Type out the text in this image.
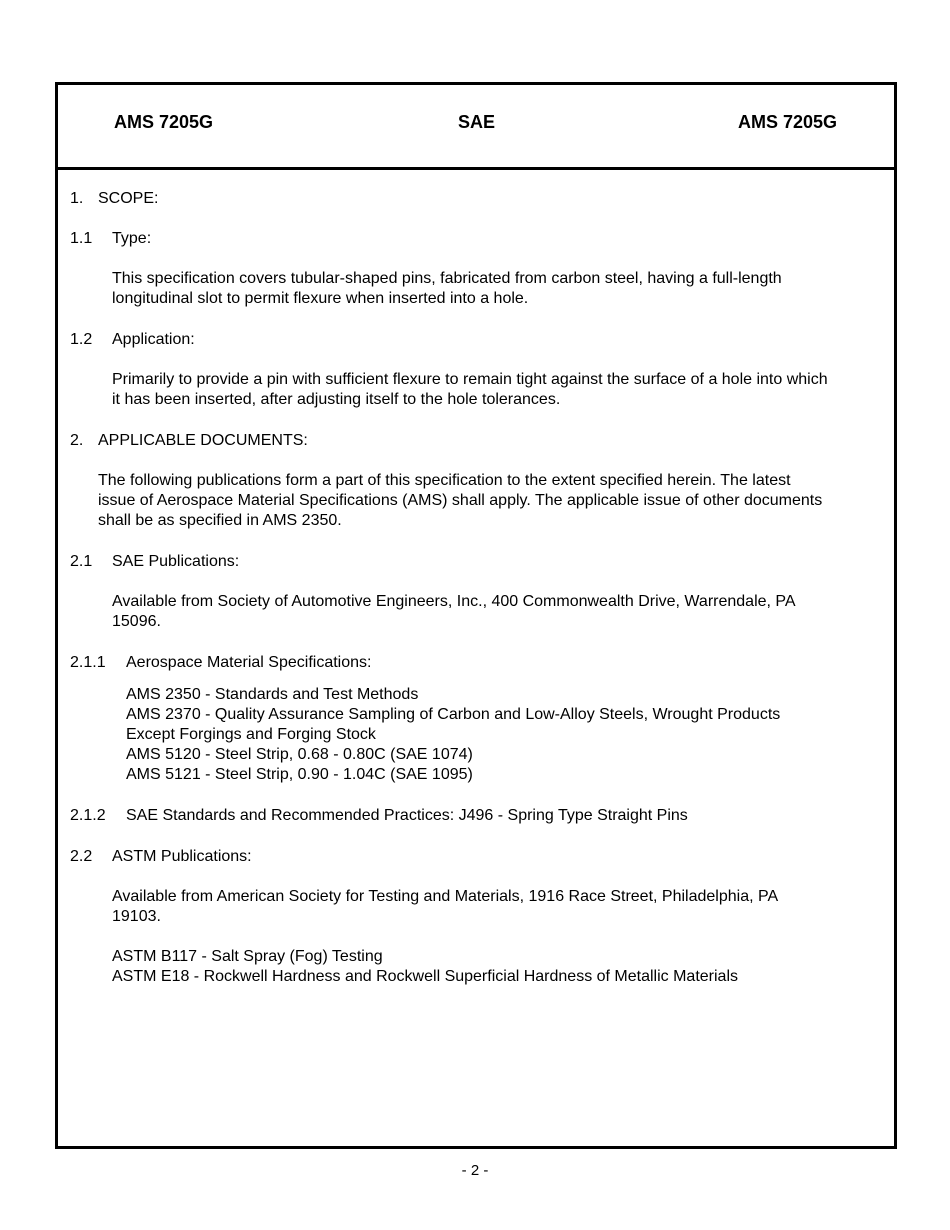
AMS 7205G	SAE	AMS 7205G
1. SCOPE:
1.1 Type:
This specification covers tubular-shaped pins, fabricated from carbon steel, having a full-length
longitudinal slot to permit flexure when inserted into a hole.
1.2 Application:
Primarily to provide a pin with sufficient flexure to remain tight against the surface of a hole into which
it has been inserted, after adjusting itself to the hole tolerances.
2. APPLICABLE DOCUMENTS:
The following publications form a part of this specification to the extent specified herein. The latest
issue of Aerospace Material Specifications (AMS) shall apply. The applicable issue of other documents
shall be as specified in AMS 2350.
2.1 SAE Publications:
Available from Society of Automotive Engineers, Inc., 400 Commonwealth Drive, Warrendale, PA
15096.
2.1.1 Aerospace Material Specifications:
AMS 2350 - Standards and Test Methods
AMS 2370 - Quality Assurance Sampling of Carbon and Low-Alloy Steels, Wrought Products
Except Forgings and Forging Stock
AMS 5120 - Steel Strip, 0.68 - 0.80C (SAE 1074)
AMS 5121 - Steel Strip, 0.90 - 1.04C (SAE 1095)
2.1.2 SAE Standards and Recommended Practices: J496 - Spring Type Straight Pins
2.2 ASTM Publications:
Available from American Society for Testing and Materials, 1916 Race Street, Philadelphia, PA
19103.
ASTM B117 - Salt Spray (Fog) Testing
ASTM E18 - Rockwell Hardness and Rockwell Superficial Hardness of Metallic Materials
- 2 -
